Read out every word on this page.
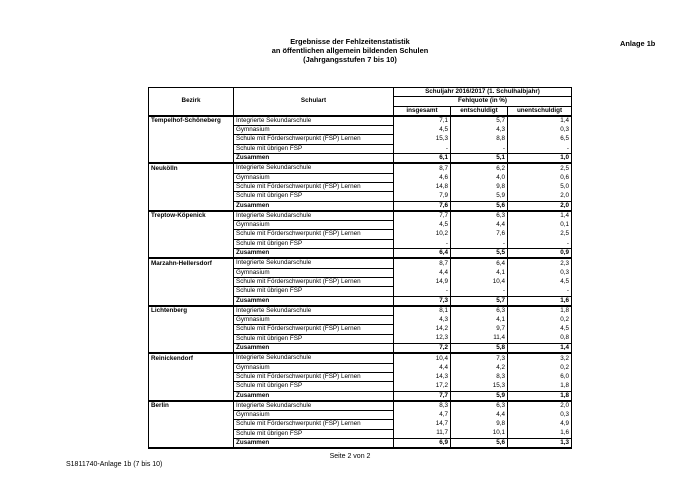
Ergebnisse der Fehlzeitenstatistik
an öffentlichen allgemein bildenden Schulen
(Jahrgangsstufen 7 bis 10)
Anlage 1b
Bezirk	Schulart	Schuljahr 2016/2017 (1. Schulhalbjahr)		
		Fehlquote (in %)		
		insgesamt	entschuldigt	unentschuldigt
Tempelhof-Schöneberg	Integrierte Sekundarschule	7,1	5,7	1,4
	Gymnasium	4,5	4,3	0,3
	Schule mit Förderschwerpunkt (FSP) Lernen	15,3	8,8	6,5
	Schule mit übrigen FSP	-	-	-
	Zusammen	6,1	5,1	1,0
Neukölln	Integrierte Sekundarschule	8,7	6,2	2,5
	Gymnasium	4,6	4,0	0,6
	Schule mit Förderschwerpunkt (FSP) Lernen	14,8	9,8	5,0
	Schule mit übrigen FSP	7,9	5,9	2,0
	Zusammen	7,6	5,6	2,0
Treptow-Köpenick	Integrierte Sekundarschule	7,7	6,3	1,4
	Gymnasium	4,5	4,4	0,1
	Schule mit Förderschwerpunkt (FSP) Lernen	10,2	7,6	2,5
	Schule mit übrigen FSP	-	-	-
	Zusammen	6,4	5,5	0,9
Marzahn-Hellersdorf	Integrierte Sekundarschule	8,7	6,4	2,3
	Gymnasium	4,4	4,1	0,3
	Schule mit Förderschwerpunkt (FSP) Lernen	14,9	10,4	4,5
	Schule mit übrigen FSP	-	-	-
	Zusammen	7,3	5,7	1,6
Lichtenberg	Integrierte Sekundarschule	8,1	6,3	1,8
	Gymnasium	4,3	4,1	0,2
	Schule mit Förderschwerpunkt (FSP) Lernen	14,2	9,7	4,5
	Schule mit übrigen FSP	12,3	11,4	0,8
	Zusammen	7,2	5,8	1,4
Reinickendorf	Integrierte Sekundarschule	10,4	7,3	3,2
	Gymnasium	4,4	4,2	0,2
	Schule mit Förderschwerpunkt (FSP) Lernen	14,3	8,3	6,0
	Schule mit übrigen FSP	17,2	15,3	1,8
	Zusammen	7,7	5,9	1,8
Berlin	Integrierte Sekundarschule	8,3	6,3	2,0
	Gymnasium	4,7	4,4	0,3
	Schule mit Förderschwerpunkt (FSP) Lernen	14,7	9,8	4,9
	Schule mit übrigen FSP	11,7	10,1	1,6
	Zusammen	6,9	5,6	1,3
Seite 2 von 2
S1811740-Anlage 1b (7 bis 10)
